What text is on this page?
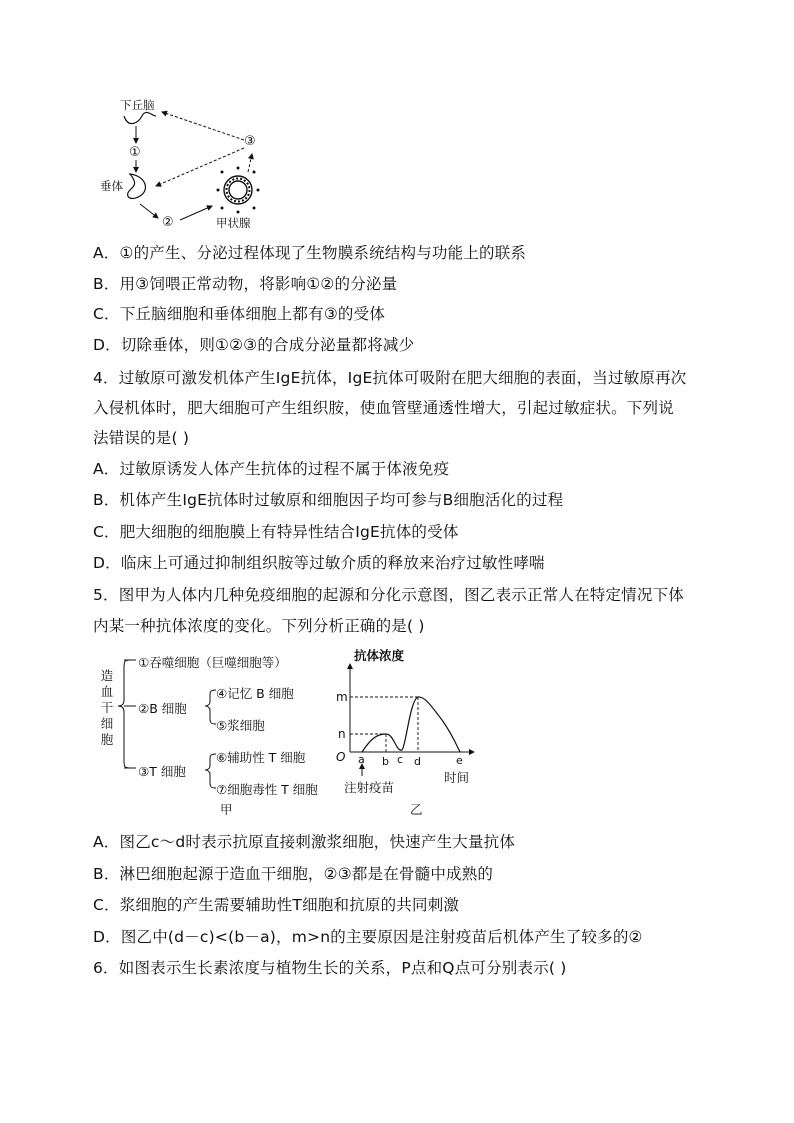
下丘脑
①
垂体
②
③
甲状腺
A．①的产生、分泌过程体现了生物膜系统结构与功能上的联系
B．用③饲喂正常动物，将影响①②的分泌量
C．下丘脑细胞和垂体细胞上都有③的受体
D．切除垂体，则①②③的合成分泌量都将减少
4．过敏原可激发机体产生IgE抗体，IgE抗体可吸附在肥大细胞的表面，当过敏原再次
入侵机体时，肥大细胞可产生组织胺，使血管壁通透性增大，引起过敏症状。下列说
法错误的是( )
A．过敏原诱发人体产生抗体的过程不属于体液免疫
B．机体产生IgE抗体时过敏原和细胞因子均可参与B细胞活化的过程
C．肥大细胞的细胞膜上有特异性结合IgE抗体的受体
D．临床上可通过抑制组织胺等过敏介质的释放来治疗过敏性哮喘
5．图甲为人体内几种免疫细胞的起源和分化示意图，图乙表示正常人在特定情况下体
内某一种抗体浓度的变化。下列分析正确的是( )
造血干细胞
①吞噬细胞（巨噬细胞等）
②B 细胞
④记忆 B 细胞
⑤浆细胞
③T 细胞
⑥辅助性 T 细胞
⑦细胞毒性 T 细胞
甲
抗体浓度
m
n
O a b c d	e
时间
注射疫苗
乙
A．图乙c～d时表示抗原直接刺激浆细胞，快速产生大量抗体
B．淋巴细胞起源于造血干细胞，②③都是在骨髓中成熟的
C．浆细胞的产生需要辅助性T细胞和抗原的共同刺激
D．图乙中(d－c)<(b－a)，m>n的主要原因是注射疫苗后机体产生了较多的②
6．如图表示生长素浓度与植物生长的关系，P点和Q点可分别表示( )
